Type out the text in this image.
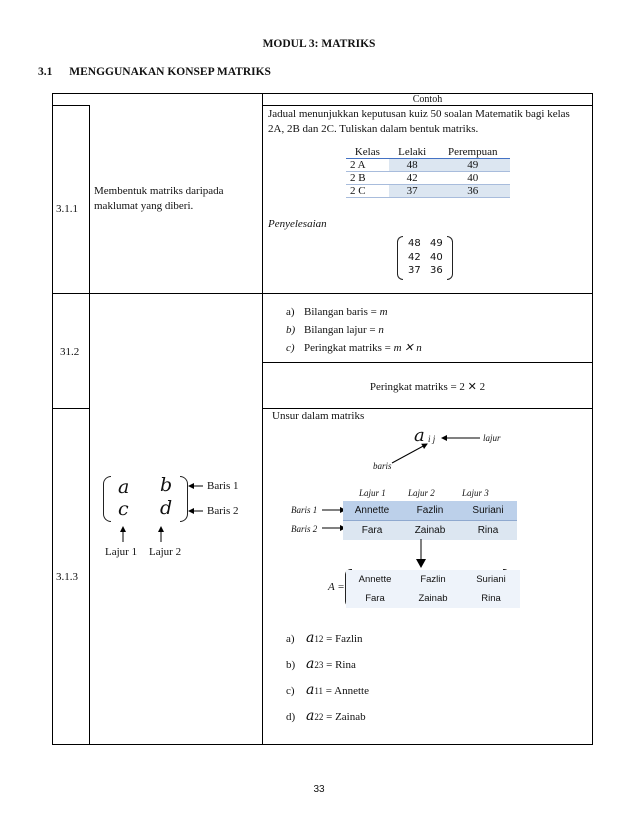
MODUL 3: MATRIKS
3.1 MENGGUNAKAN KONSEP MATRIKS
Contoh
3.1.1
Membentuk matriks daripada maklumat yang diberi.
Jadual menunjukkan keputusan kuiz 50 soalan Matematik bagi kelas 2A, 2B dan 2C. Tuliskan dalam bentuk matriks.
Kelas	Lelaki	Perempuan
2 A	48	49
2 B	42	40
2 C	37	36
Penyelesaian
48 49
42 40
37 36
31.2
a) Bilangan baris = m
b) Bilangan lajur = n
c) Peringkat matriks = m ✕ n
Peringkat matriks = 2 ✕ 2
3.1.3
a b
c d
Baris 1
Baris 2
Lajur 1 Lajur 2
Unsur dalam matriks
a i j	lajur
baris
Lajur 1 Lajur 2	Lajur 3
Baris 1
Baris 2
Annette	Fazlin	Suriani
Fara	Zainab	Rina
A =
Annette	Fazlin	Suriani
Fara	Zainab	Rina
a) a12 = Fazlin
b) a23 = Rina
c) a11 = Annette
d) a22 = Zainab
33
